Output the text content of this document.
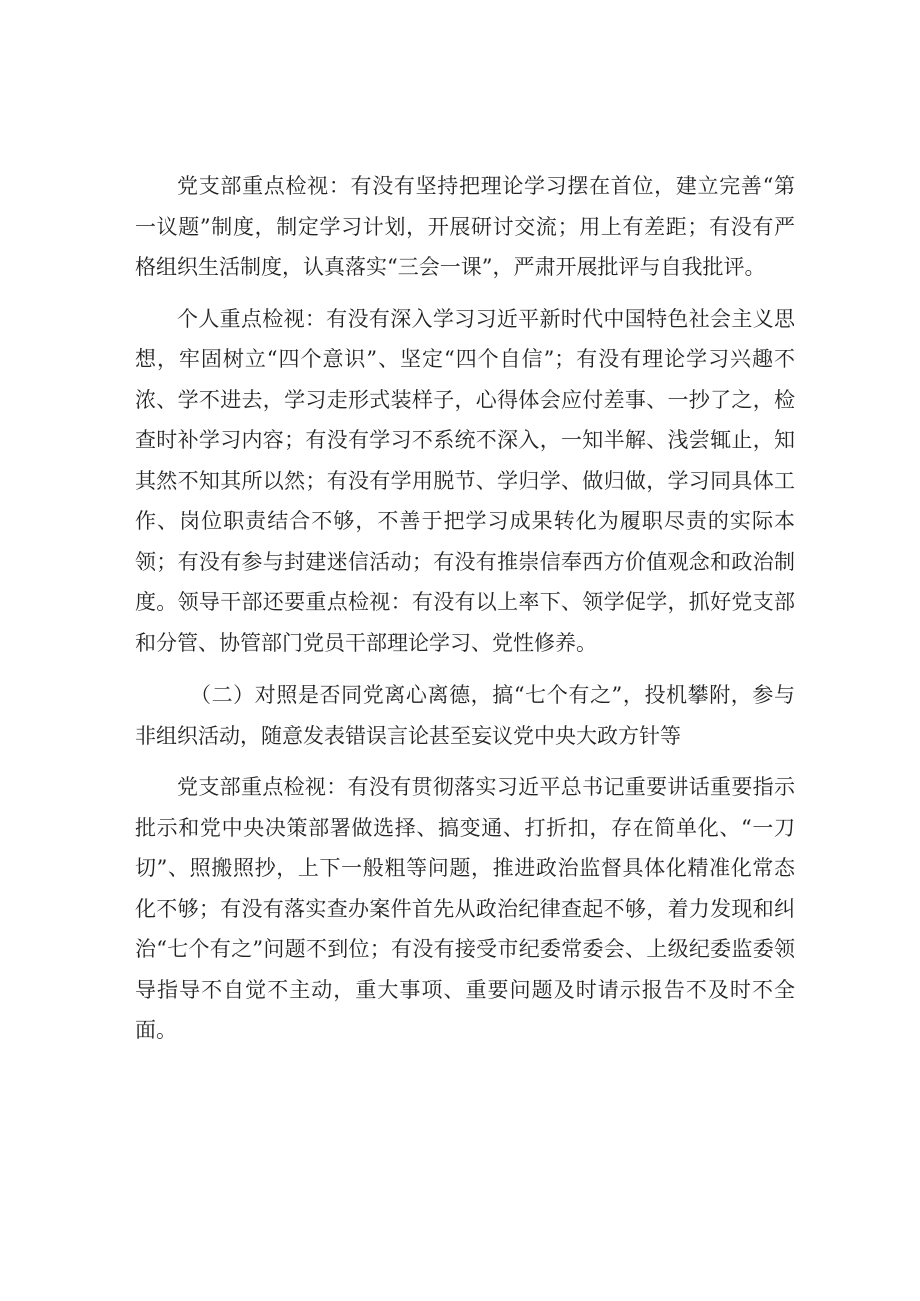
党支部重点检视：有没有坚持把理论学习摆在首位，建立完善“第一议题”制度，制定学习计划，开展研讨交流；用上有差距；有没有严格组织生活制度，认真落实“三会一课”，严肃开展批评与自我批评。

个人重点检视：有没有深入学习习近平新时代中国特色社会主义思想，牢固树立“四个意识”、坚定“四个自信”；有没有理论学习兴趣不浓、学不进去，学习走形式装样子，心得体会应付差事、一抄了之，检查时补学习内容；有没有学习不系统不深入，一知半解、浅尝辄止，知其然不知其所以然；有没有学用脱节、学归学、做归做，学习同具体工作、岗位职责结合不够，不善于把学习成果转化为履职尽责的实际本领；有没有参与封建迷信活动；有没有推崇信奉西方价值观念和政治制度。领导干部还要重点检视：有没有以上率下、领学促学，抓好党支部和分管、协管部门党员干部理论学习、党性修养。

（二）对照是否同党离心离德，搞“七个有之”，投机攀附，参与非组织活动，随意发表错误言论甚至妄议党中央大政方针等

党支部重点检视：有没有贯彻落实习近平总书记重要讲话重要指示批示和党中央决策部署做选择、搞变通、打折扣，存在简单化、“一刀切”、照搬照抄，上下一般粗等问题，推进政治监督具体化精准化常态化不够；有没有落实查办案件首先从政治纪律查起不够，着力发现和纠治“七个有之”问题不到位；有没有接受市纪委常委会、上级纪委监委领导指导不自觉不主动，重大事项、重要问题及时请示报告不及时不全面。
